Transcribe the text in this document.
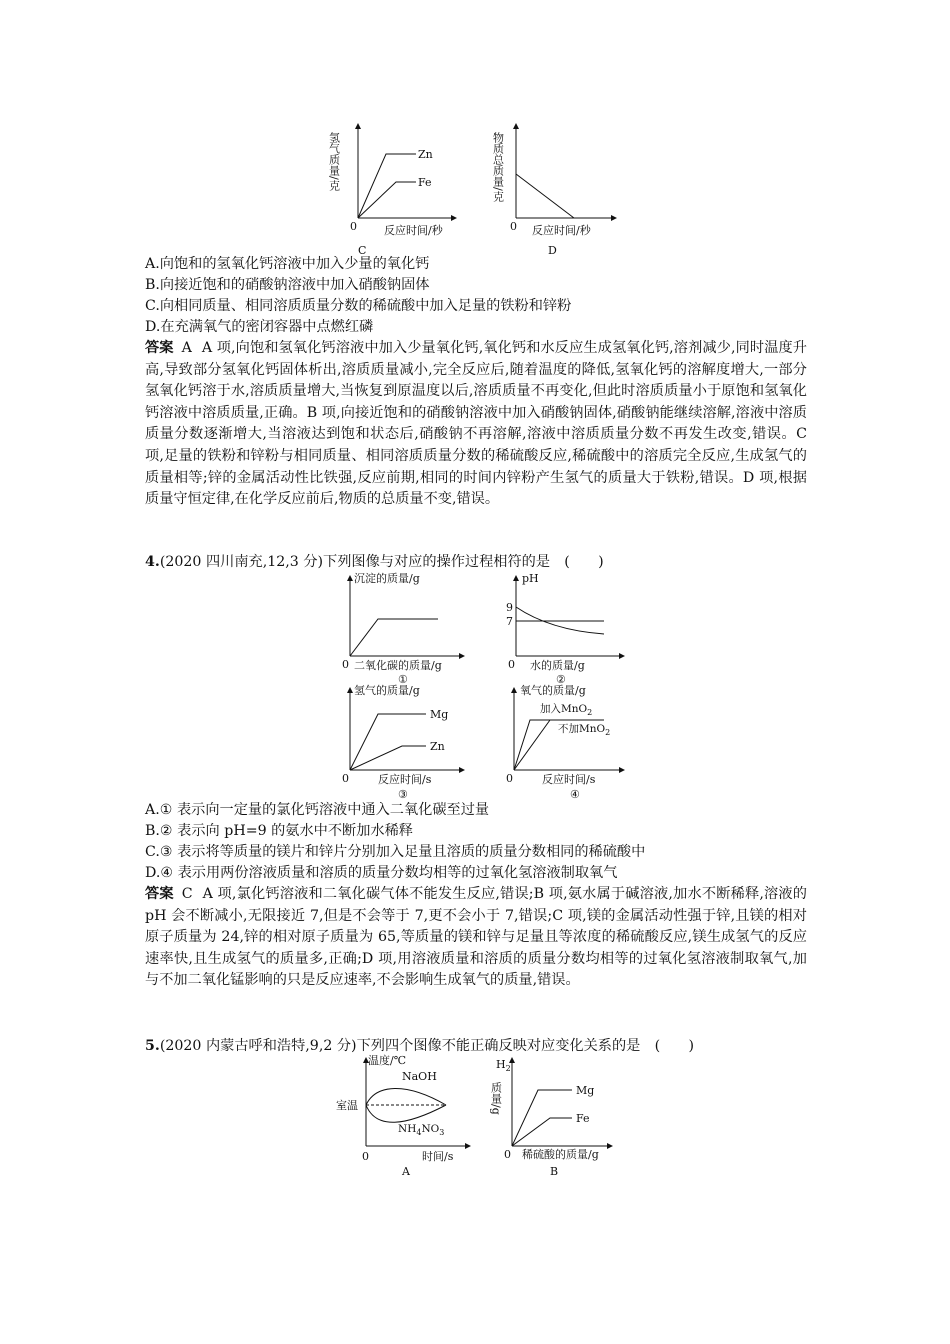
氢气质量/克	Zn
Fe
0 反应时间/秒
C
物质总质量/克
0 反应时间/秒
D
A.向饱和的氢氧化钙溶液中加入少量的氧化钙
B.向接近饱和的硝酸钠溶液中加入硝酸钠固体
C.向相同质量、相同溶质质量分数的稀硫酸中加入足量的铁粉和锌粉
D.在充满氧气的密闭容器中点燃红磷
答案 A A 项,向饱和氢氧化钙溶液中加入少量氧化钙,氧化钙和水反应生成氢氧化钙,溶剂减少,同时温度升高,导致部分氢氧化钙固体析出,溶质质量减小,完全反应后,随着温度的降低,氢氧化钙的溶解度增大,一部分氢氧化钙溶于水,溶质质量增大,当恢复到原温度以后,溶质质量不再变化,但此时溶质质量小于原饱和氢氧化钙溶液中溶质质量,正确。B 项,向接近饱和的硝酸钠溶液中加入硝酸钠固体,硝酸钠能继续溶解,溶液中溶质质量分数逐渐增大,当溶液达到饱和状态后,硝酸钠不再溶解,溶液中溶质质量分数不再发生改变,错误。C 项,足量的铁粉和锌粉与相同质量、相同溶质质量分数的稀硫酸反应,稀硫酸中的溶质完全反应,生成氢气的质量相等;锌的金属活动性比铁强,反应前期,相同的时间内锌粉产生氢气的质量大于铁粉,错误。D 项,根据质量守恒定律,在化学反应前后,物质的总质量不变,错误。
4.(2020 四川南充,12,3 分)下列图像与对应的操作过程相符的是　 (　　)
沉淀的质量/g
0 二氧化碳的质量/g
①
pH
9
7
0 水的质量/g
②
氢气的质量/g
Mg
Zn
0	反应时间/s
③
氧气的质量/g
加入MnO$_2$
不加MnO$_2$
0	反应时间/s
④
A.① 表示向一定量的氯化钙溶液中通入二氧化碳至过量
B.② 表示向 pH=9 的氨水中不断加水稀释
C.③ 表示将等质量的镁片和锌片分别加入足量且溶质的质量分数相同的稀硫酸中
D.④ 表示用两份溶液质量和溶质的质量分数均相等的过氧化氢溶液制取氧气
答案 C A 项,氯化钙溶液和二氧化碳气体不能发生反应,错误;B 项,氨水属于碱溶液,加水不断稀释,溶液的 pH 会不断减小,无限接近 7,但是不会等于 7,更不会小于 7,错误;C 项,镁的金属活动性强于锌,且镁的相对原子质量为 24,锌的相对原子质量为 65,等质量的镁和锌与足量且等浓度的稀硫酸反应,镁生成氢气的反应速率快,且生成氢气的质量多,正确;D 项,用溶液质量和溶质的质量分数均相等的过氧化氢溶液制取氧气,加与不加二氧化锰影响的只是反应速率,不会影响生成氧气的质量,错误。
5.(2020 内蒙古呼和浩特,9,2 分)下列四个图像不能正确反映对应变化关系的是　 (　　)
温度/℃
室温
NaOH
$NH_4NO_3$
0	时间/s
A
$H_2$
质量/g	Mg
Fe
0 稀硫酸的质量/g
B
